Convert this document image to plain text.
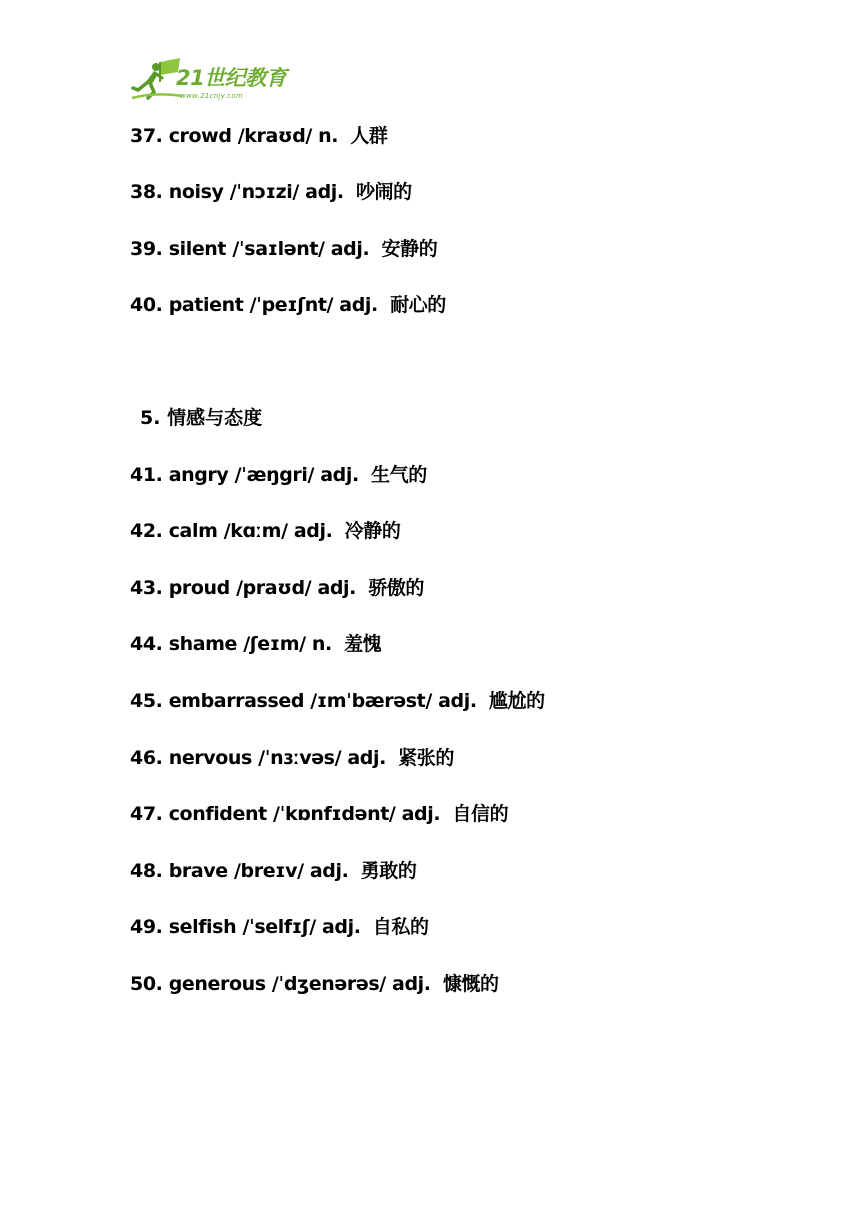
21世纪教育
www.21cnjy.com
37. crowd /kraʊd/ n. 人群
38. noisy /ˈnɔɪzi/ adj. 吵闹的
39. silent /ˈsaɪlənt/ adj. 安静的
40. patient /ˈpeɪʃnt/ adj. 耐心的
5. 情感与态度
41. angry /ˈæŋgri/ adj. 生气的
42. calm /kɑːm/ adj. 冷静的
43. proud /praʊd/ adj. 骄傲的
44. shame /ʃeɪm/ n. 羞愧
45. embarrassed /ɪmˈbærəst/ adj. 尴尬的
46. nervous /ˈnɜːvəs/ adj. 紧张的
47. confident /ˈkɒnfɪdənt/ adj. 自信的
48. brave /breɪv/ adj. 勇敢的
49. selfish /ˈselfɪʃ/ adj. 自私的
50. generous /ˈdʒenərəs/ adj. 慷慨的
